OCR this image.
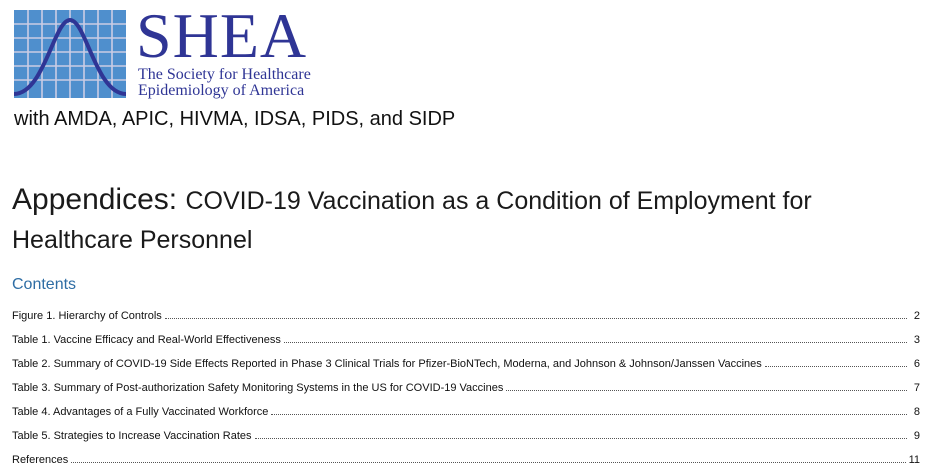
SHEA
The Society for Healthcare
Epidemiology of America
with AMDA, APIC, HIVMA, IDSA, PIDS, and SIDP
Appendices: COVID-19 Vaccination as a Condition of Employment for
Healthcare Personnel
Contents
Figure 1. Hierarchy of Controls	2
Table 1. Vaccine Efficacy and Real-World Effectiveness	3
Table 2. Summary of COVID-19 Side Effects Reported in Phase 3 Clinical Trials for Pfizer-BioNTech, Moderna, and Johnson & Johnson/Janssen Vaccines	6
Table 3. Summary of Post-authorization Safety Monitoring Systems in the US for COVID-19 Vaccines	7
Table 4. Advantages of a Fully Vaccinated Workforce	8
Table 5. Strategies to Increase Vaccination Rates	9
References	11
